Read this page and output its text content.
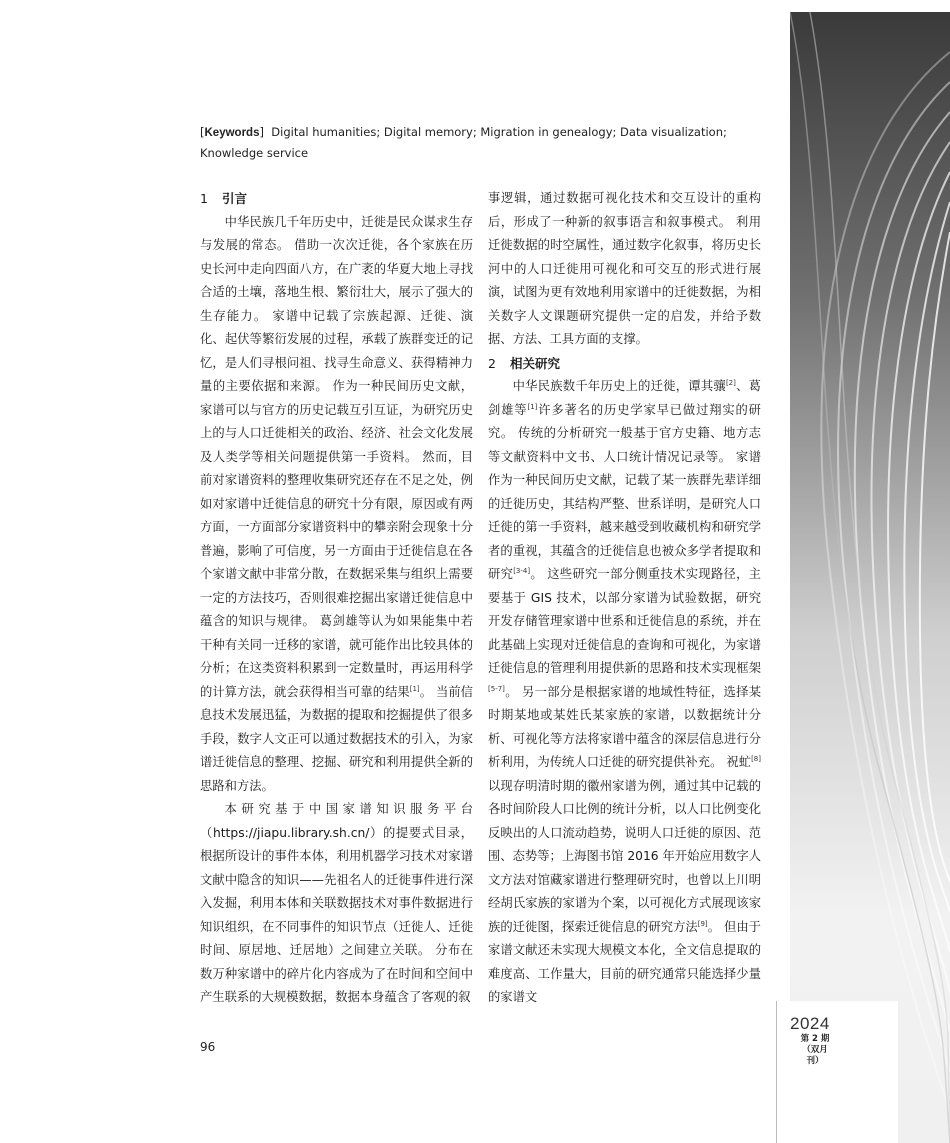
2024
第 2 期
（双月刊）
[Keywords] Digital humanities; Digital memory; Migration in genealogy; Data visualization; Knowledge service
1 引言

中华民族几千年历史中，迁徙是民众谋求生存与发展的常态。 借助一次次迁徙，各个家族在历史长河中走向四面八方，在广袤的华夏大地上寻找合适的土壤，落地生根、繁衍壮大，展示了强大的生存能力。 家谱中记载了宗族起源、迁徙、演化、起伏等繁衍发展的过程，承载了族群变迁的记忆，是人们寻根问祖、找寻生命意义、获得精神力量的主要依据和来源。 作为一种民间历史文献，家谱可以与官方的历史记载互引互证，为研究历史上的与人口迁徙相关的政治、经济、社会文化发展及人类学等相关问题提供第一手资料。 然而，目前对家谱资料的整理收集研究还存在不足之处，例如对家谱中迁徙信息的研究十分有限，原因或有两方面，一方面部分家谱资料中的攀亲附会现象十分普遍，影响了可信度，另一方面由于迁徙信息在各个家谱文献中非常分散，在数据采集与组织上需要一定的方法技巧，否则很难挖掘出家谱迁徙信息中蕴含的知识与规律。 葛剑雄等认为如果能集中若干种有关同一迁移的家谱，就可能作出比较具体的分析；在这类资料积累到一定数量时，再运用科学的计算方法，就会获得相当可靠的结果[1]。 当前信息技术发展迅猛，为数据的提取和挖掘提供了很多手段，数字人文正可以通过数据技术的引入，为家谱迁徙信息的整理、挖掘、研究和利用提供全新的思路和方法。

本研究基于中国家谱知识服务平台（https://jiapu.library.sh.cn/）的提要式目录，根据所设计的事件本体，利用机器学习技术对家谱文献中隐含的知识——先祖名人的迁徙事件进行深入发掘，利用本体和关联数据技术对事件数据进行知识组织，在不同事件的知识节点（迁徙人、迁徙时间、原居地、迁居地）之间建立关联。 分布在数万种家谱中的碎片化内容成为了在时间和空间中产生联系的大规模数据，数据本身蕴含了客观的叙

事逻辑，通过数据可视化技术和交互设计的重构后，形成了一种新的叙事语言和叙事模式。 利用迁徙数据的时空属性，通过数字化叙事，将历史长河中的人口迁徙用可视化和可交互的形式进行展演，试图为更有效地利用家谱中的迁徙数据，为相关数字人文课题研究提供一定的启发，并给予数据、方法、工具方面的支撑。

2 相关研究

中华民族数千年历史上的迁徙，谭其骧[2]、葛剑雄等[1]许多著名的历史学家早已做过翔实的研究。 传统的分析研究一般基于官方史籍、地方志等文献资料中文书、人口统计情况记录等。 家谱作为一种民间历史文献，记载了某一族群先辈详细的迁徙历史，其结构严整、世系详明，是研究人口迁徙的第一手资料，越来越受到收藏机构和研究学者的重视，其蕴含的迁徙信息也被众多学者提取和研究[3-4]。 这些研究一部分侧重技术实现路径，主要基于 GIS 技术，以部分家谱为试验数据，研究开发存储管理家谱中世系和迁徙信息的系统，并在此基础上实现对迁徙信息的查询和可视化，为家谱迁徙信息的管理利用提供新的思路和技术实现框架[5-7]。 另一部分是根据家谱的地域性特征，选择某时期某地或某姓氏某家族的家谱，以数据统计分析、可视化等方法将家谱中蕴含的深层信息进行分析利用，为传统人口迁徙的研究提供补充。 祝虻[8]以现存明清时期的徽州家谱为例，通过其中记载的各时间阶段人口比例的统计分析，以人口比例变化反映出的人口流动趋势，说明人口迁徙的原因、范围、态势等；上海图书馆 2016 年开始应用数字人文方法对馆藏家谱进行整理研究时，也曾以上川明经胡氏家族的家谱为个案，以可视化方式展现该家族的迁徙图，探索迁徙信息的研究方法[9]。 但由于家谱文献还未实现大规模文本化，全文信息提取的难度高、工作量大，目前的研究通常只能选择少量的家谱文

96
